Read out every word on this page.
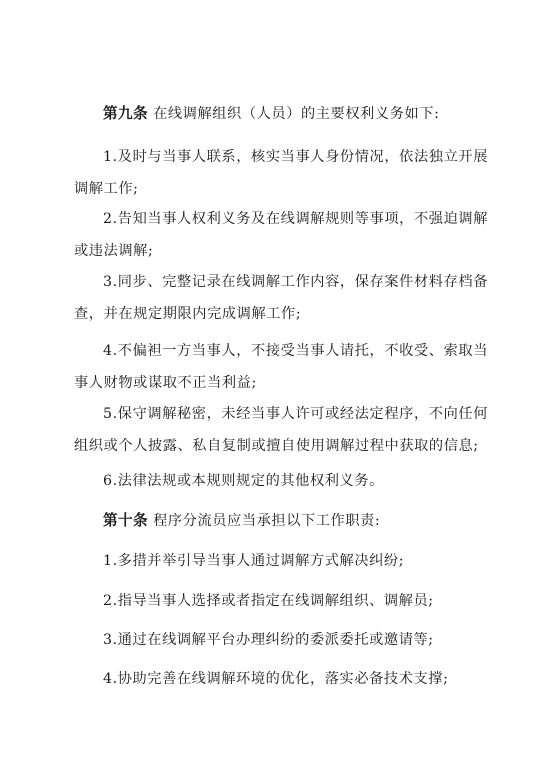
第九条 在线调解组织（人员）的主要权利义务如下:

1.及时与当事人联系，核实当事人身份情况，依法独立开展调解工作;

2.告知当事人权利义务及在线调解规则等事项，不强迫调解或违法调解;

3.同步、完整记录在线调解工作内容，保存案件材料存档备查，并在规定期限内完成调解工作;

4.不偏袒一方当事人，不接受当事人请托，不收受、索取当事人财物或谋取不正当利益;

5.保守调解秘密，未经当事人许可或经法定程序，不向任何组织或个人披露、私自复制或擅自使用调解过程中获取的信息;

6.法律法规或本规则规定的其他权利义务。

第十条 程序分流员应当承担以下工作职责:

1.多措并举引导当事人通过调解方式解决纠纷;

2.指导当事人选择或者指定在线调解组织、调解员;

3.通过在线调解平台办理纠纷的委派委托或邀请等;

4.协助完善在线调解环境的优化，落实必备技术支撑;
